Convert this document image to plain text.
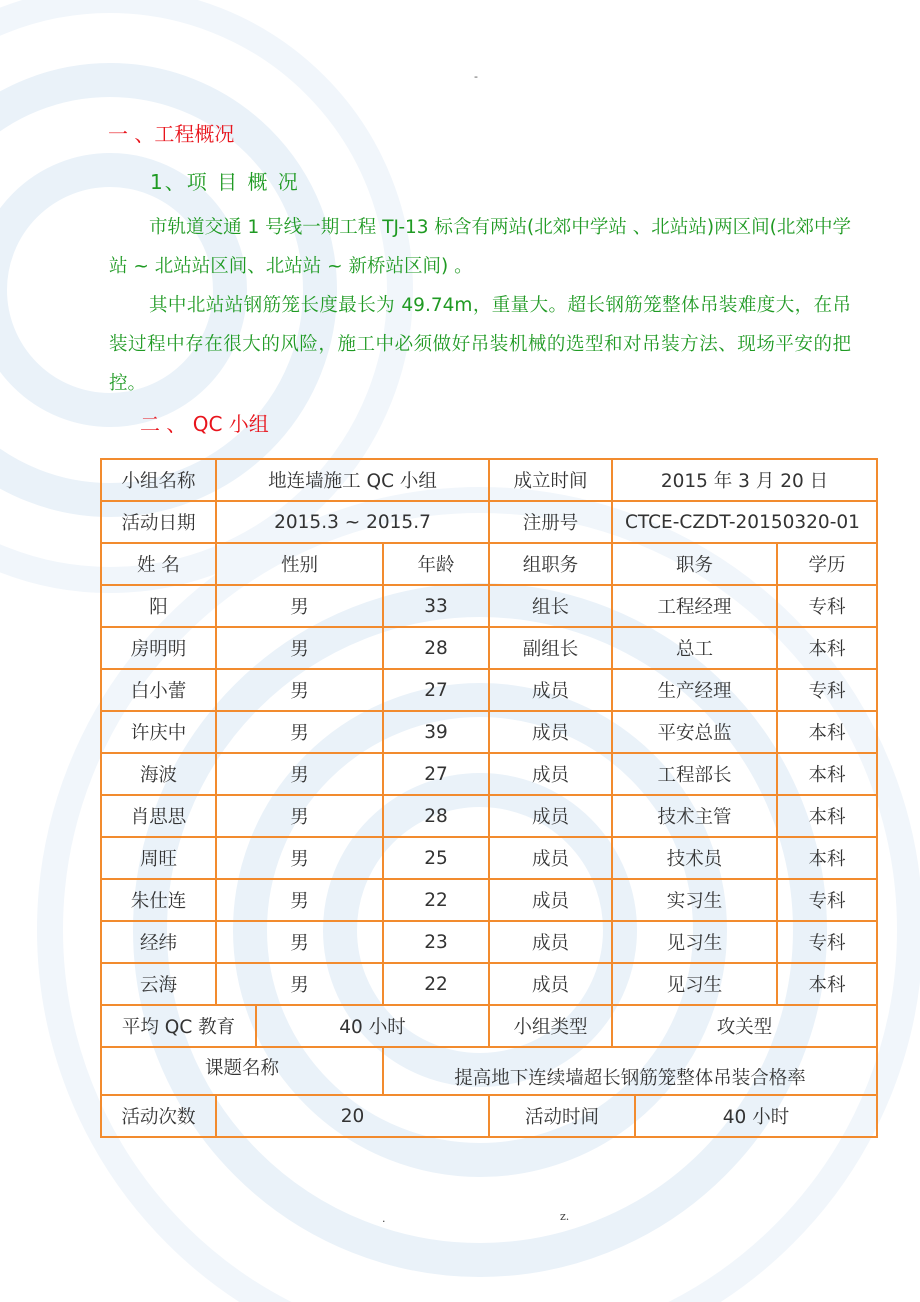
-
一 、工程概况
1、项 目 概 况

市轨道交通 1 号线一期工程 TJ-13 标含有两站(北郊中学站 、北站站)两区间(北郊中学站 ~ 北站站区间、北站站 ~ 新桥站区间) 。

其中北站站钢筋笼长度最长为 49.74m，重量大。超长钢筋笼整体吊装难度大，在吊装过程中存在很大的风险，施工中必须做好吊装机械的选型和对吊装方法、现场平安的把控。

二 、 QC 小组
小组名称	地连墙施工 QC 小组			成立时间	2015 年 3 月 20 日		
活动日期	2015.3 ~ 2015.7			注册号	CTCE-CZDT-20150320-01		
姓 名	性别		年龄	组职务	职务		学历
阳	男		33	组长	工程经理		专科
房明明	男		28	副组长	总工		本科
白小蕾	男		27	成员	生产经理		专科
许庆中	男		39	成员	平安总监		本科
海波	男		27	成员	工程部长		本科
肖思思	男		28	成员	技术主管		本科
周旺	男		25	成员	技术员		本科
朱仕连	男		22	成员	实习生		专科
经纬	男		23	成员	见习生		专科
云海	男		22	成员	见习生		本科
平均 QC 教育		40 小时		小组类型	攻关型		
课题名称			提高地下连续墙超长钢筋笼整体吊装合格率				
活动次数	20			活动时间		40 小时	
.	z.
